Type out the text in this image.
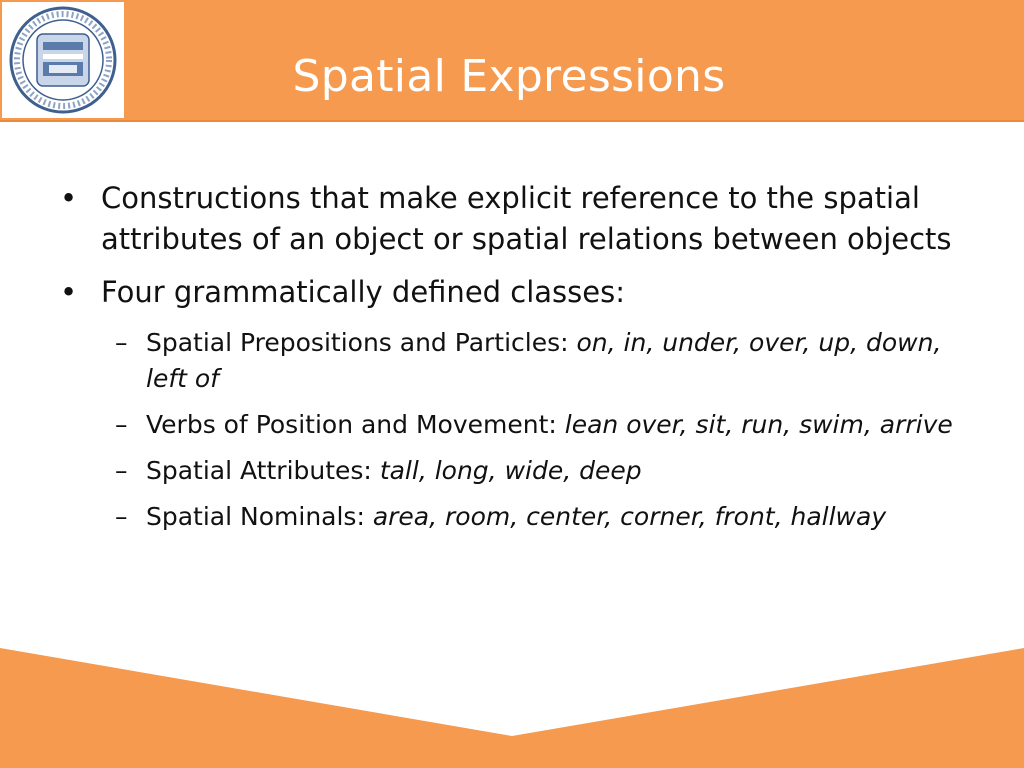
Spatial Expressions
• Constructions that make explicit reference to the spatial attributes of an object or spatial relations between objects
• Four grammatically defined classes:
– Spatial Prepositions and Particles: on, in, under, over, up, down, left of
– Verbs of Position and Movement: lean over, sit, run, swim, arrive
– Spatial Attributes: tall, long, wide, deep
– Spatial Nominals: area, room, center, corner, front, hallway
